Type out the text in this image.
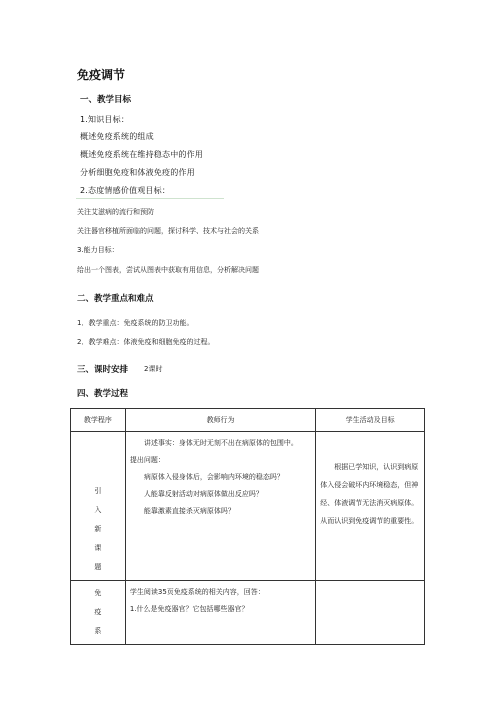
免疫调节
一、教学目标
1.知识目标：
概述免疫系统的组成
概述免疫系统在维持稳态中的作用
分析细胞免疫和体液免疫的作用
2.态度情感价值观目标：
关注艾滋病的流行和预防
关注器官移植所面临的问题，探讨科学、技术与社会的关系
3.能力目标：
给出一个图表，尝试从图表中获取有用信息，分析解决问题
二、教学重点和难点
1．教学重点：免疫系统的防卫功能。
2．教学难点：体液免疫和细胞免疫的过程。
三、课时安排 2课时
四、教学过程
教学程序	教师行为	学生活动及目标

引
入
新
课
题	讲述事实：身体无时无刻不出在病原体的包围中。
提出问题：
病原体入侵身体后，会影响内环境的稳态吗？
人能靠反射活动对病原体做出反应吗？
能靠激素直接杀灭病原体吗？	根据已学知识，认识到病原体入侵会破坏内环境稳态，但神经、体液调节无法消灭病原体。从而认识到免疫调节的重要性。

免
疫
系	学生阅读35页免疫系统的相关内容，回答：
1.什么是免疫器官？它包括哪些器官？	
